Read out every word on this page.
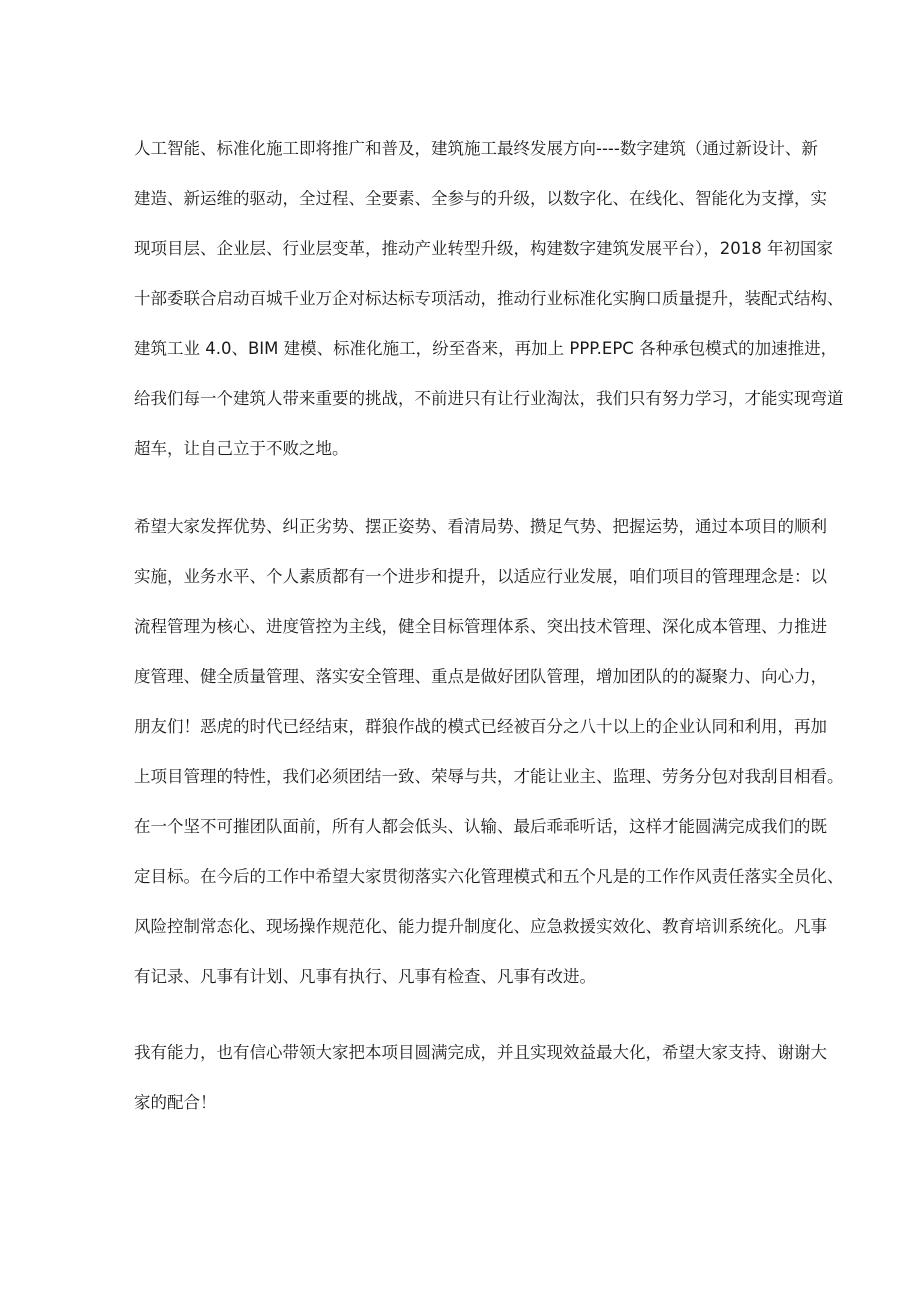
人工智能、标准化施工即将推广和普及，建筑施工最终发展方向----数字建筑（通过新设计、新
建造、新运维的驱动，全过程、全要素、全参与的升级，以数字化、在线化、智能化为支撑，实
现项目层、企业层、行业层变革，推动产业转型升级，构建数字建筑发展平台），2018 年初国家
十部委联合启动百城千业万企对标达标专项活动，推动行业标准化实胸口质量提升，装配式结构、
建筑工业 4.0、BIM 建模、标准化施工，纷至沓来，再加上 PPP.EPC 各种承包模式的加速推进，
给我们每一个建筑人带来重要的挑战，不前进只有让行业淘汰，我们只有努力学习，才能实现弯道
超车，让自己立于不败之地。
希望大家发挥优势、纠正劣势、摆正姿势、看清局势、攒足气势、把握运势，通过本项目的顺利
实施，业务水平、个人素质都有一个进步和提升，以适应行业发展，咱们项目的管理理念是：以
流程管理为核心、进度管控为主线，健全目标管理体系、突出技术管理、深化成本管理、力推进
度管理、健全质量管理、落实安全管理、重点是做好团队管理，增加团队的的凝聚力、向心力，
朋友们！恶虎的时代已经结束，群狼作战的模式已经被百分之八十以上的企业认同和利用，再加
上项目管理的特性，我们必须团结一致、荣辱与共，才能让业主、监理、劳务分包对我刮目相看。
在一个坚不可摧团队面前，所有人都会低头、认输、最后乖乖听话，这样才能圆满完成我们的既
定目标。在今后的工作中希望大家贯彻落实六化管理模式和五个凡是的工作作风责任落实全员化、
风险控制常态化、现场操作规范化、能力提升制度化、应急救援实效化、教育培训系统化。凡事
有记录、凡事有计划、凡事有执行、凡事有检查、凡事有改进。
我有能力，也有信心带领大家把本项目圆满完成，并且实现效益最大化，希望大家支持、谢谢大
家的配合！
